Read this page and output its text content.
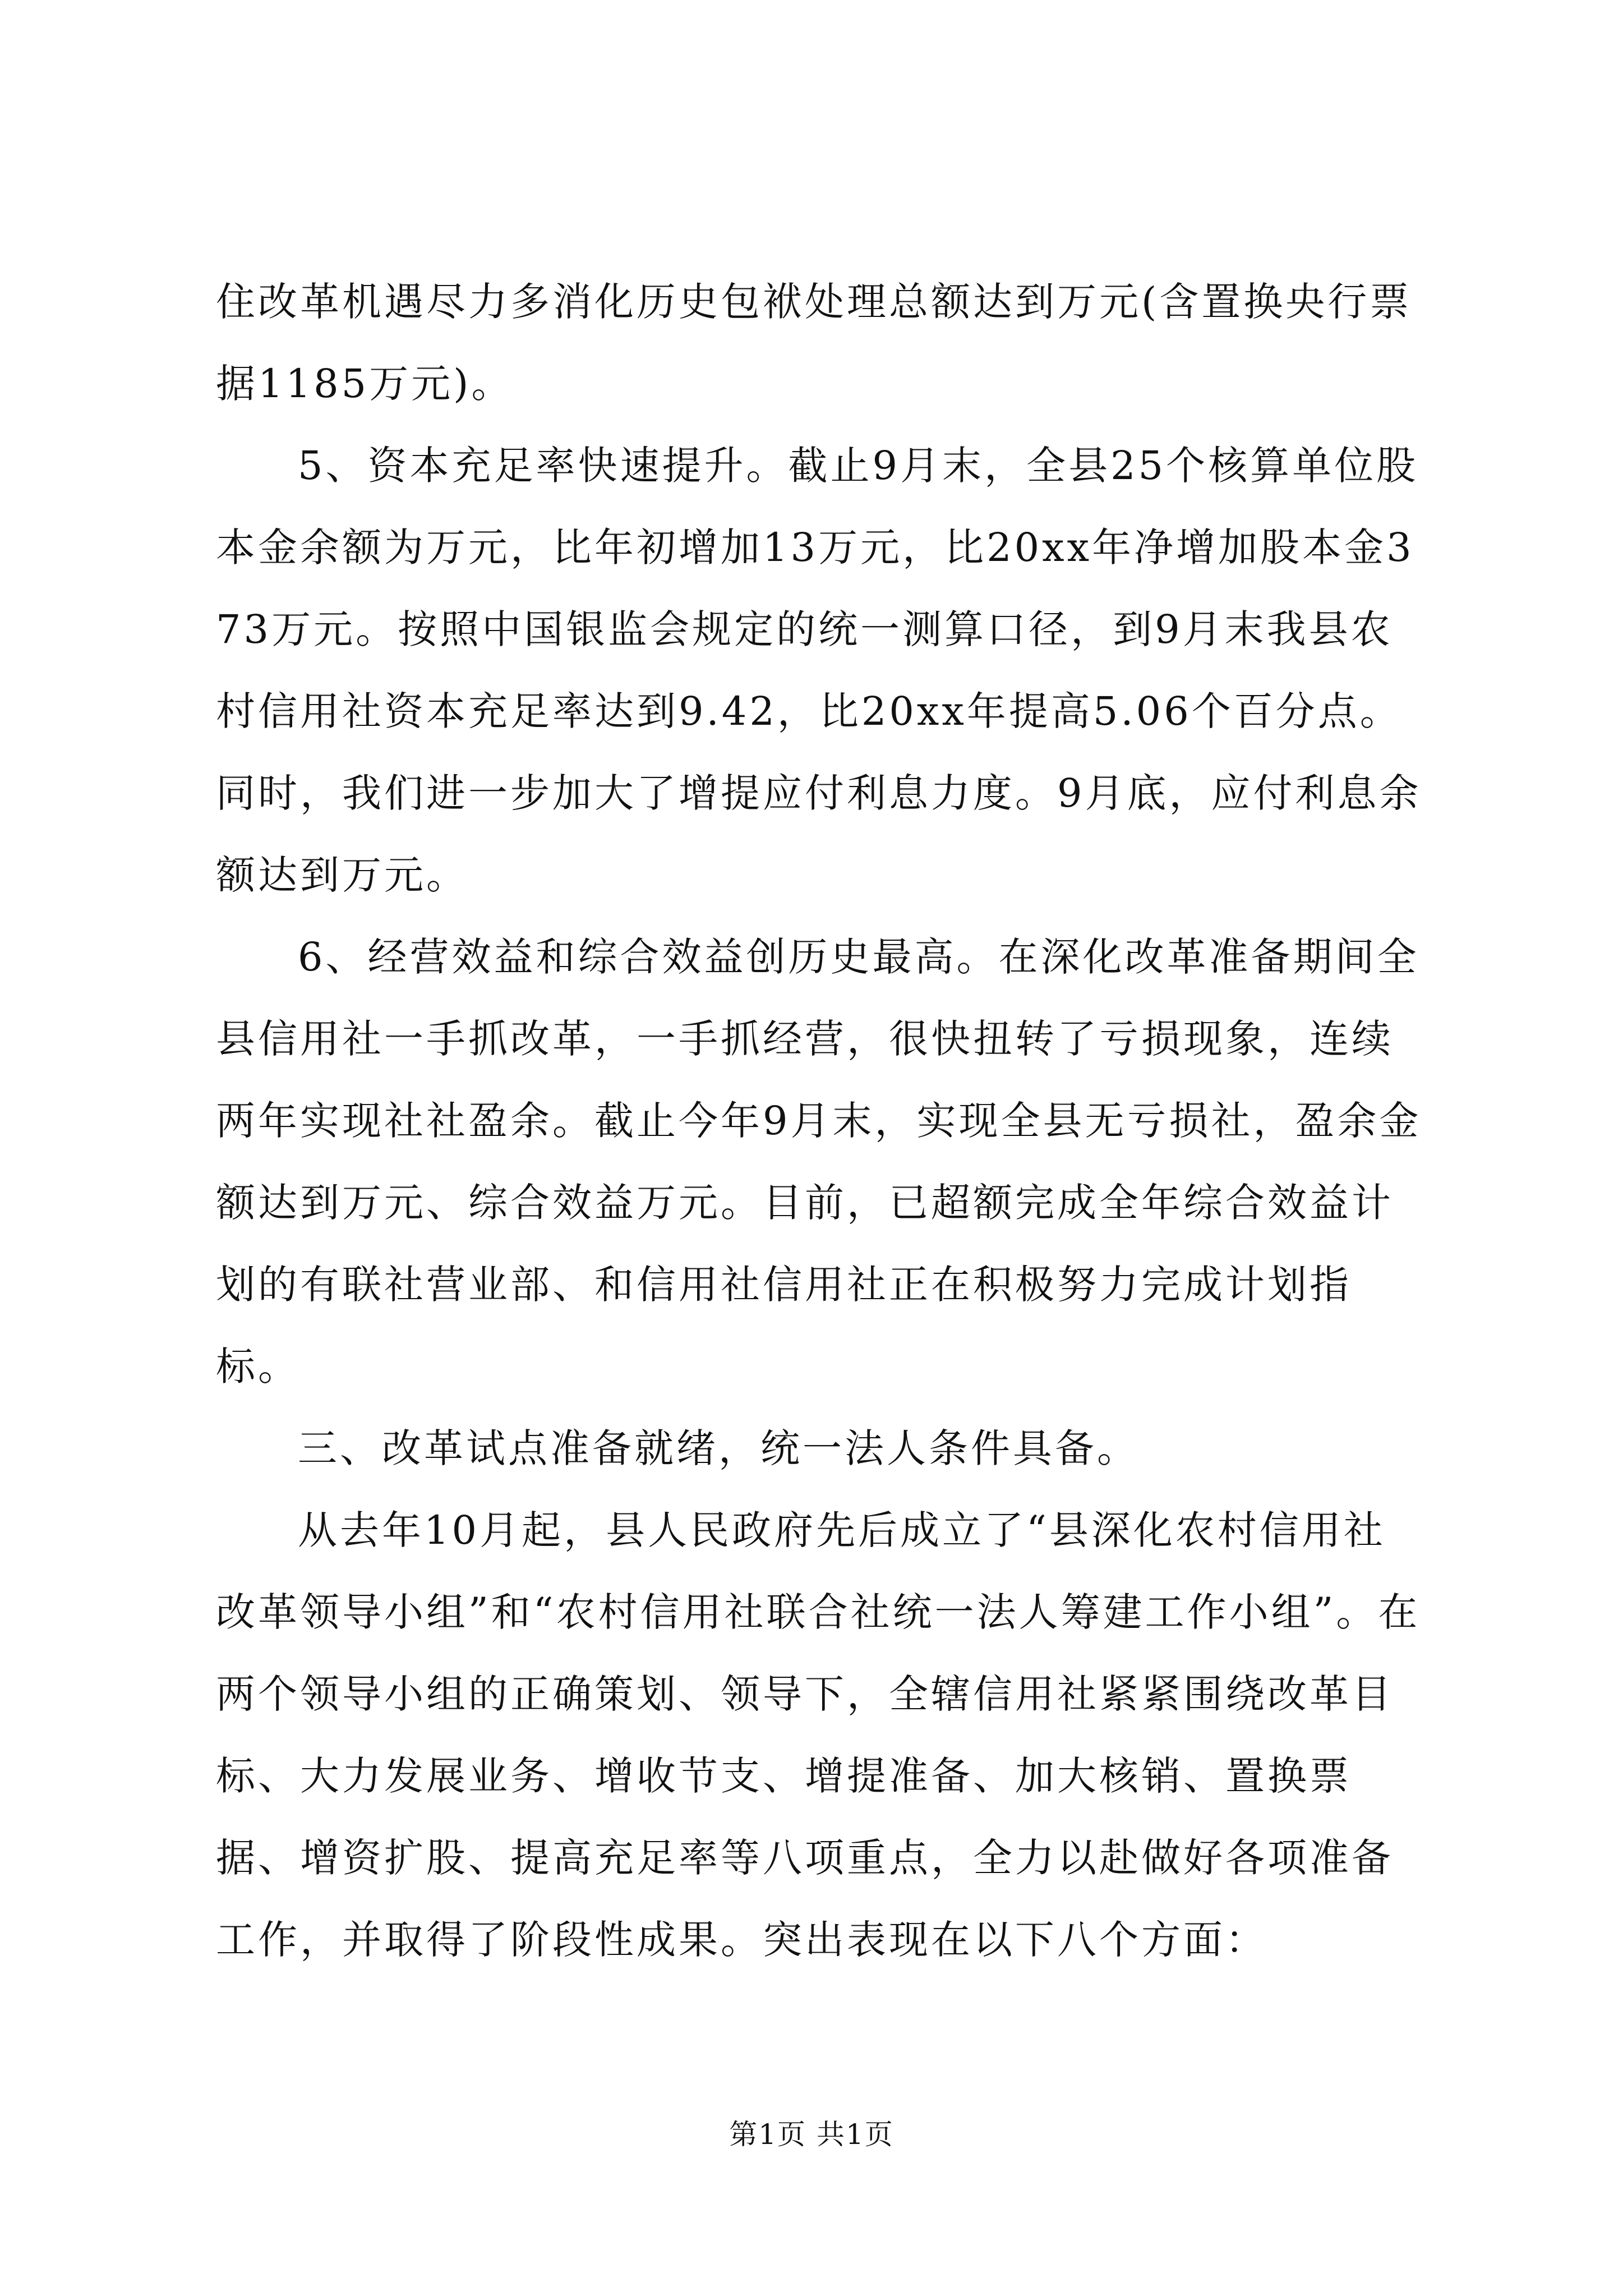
住改革机遇尽力多消化历史包袱处理总额达到万元(含置换央行票据1185万元)。

5、资本充足率快速提升。截止9月末，全县25个核算单位股本金余额为万元，比年初增加13万元，比20xx年净增加股本金373万元。按照中国银监会规定的统一测算口径，到9月末我县农村信用社资本充足率达到9.42，比20xx年提高5.06个百分点。同时，我们进一步加大了增提应付利息力度。9月底，应付利息余额达到万元。

6、经营效益和综合效益创历史最高。在深化改革准备期间全县信用社一手抓改革，一手抓经营，很快扭转了亏损现象，连续两年实现社社盈余。截止今年9月末，实现全县无亏损社，盈余金额达到万元、综合效益万元。目前，已超额完成全年综合效益计划的有联社营业部、和信用社信用社正在积极努力完成计划指标。

三、改革试点准备就绪，统一法人条件具备。

从去年10月起，县人民政府先后成立了“县深化农村信用社改革领导小组”和“农村信用社联合社统一法人筹建工作小组”。在两个领导小组的正确策划、领导下，全辖信用社紧紧围绕改革目标、大力发展业务、增收节支、增提准备、加大核销、置换票据、增资扩股、提高充足率等八项重点，全力以赴做好各项准备工作，并取得了阶段性成果。突出表现在以下八个方面：

第1页 共1页
